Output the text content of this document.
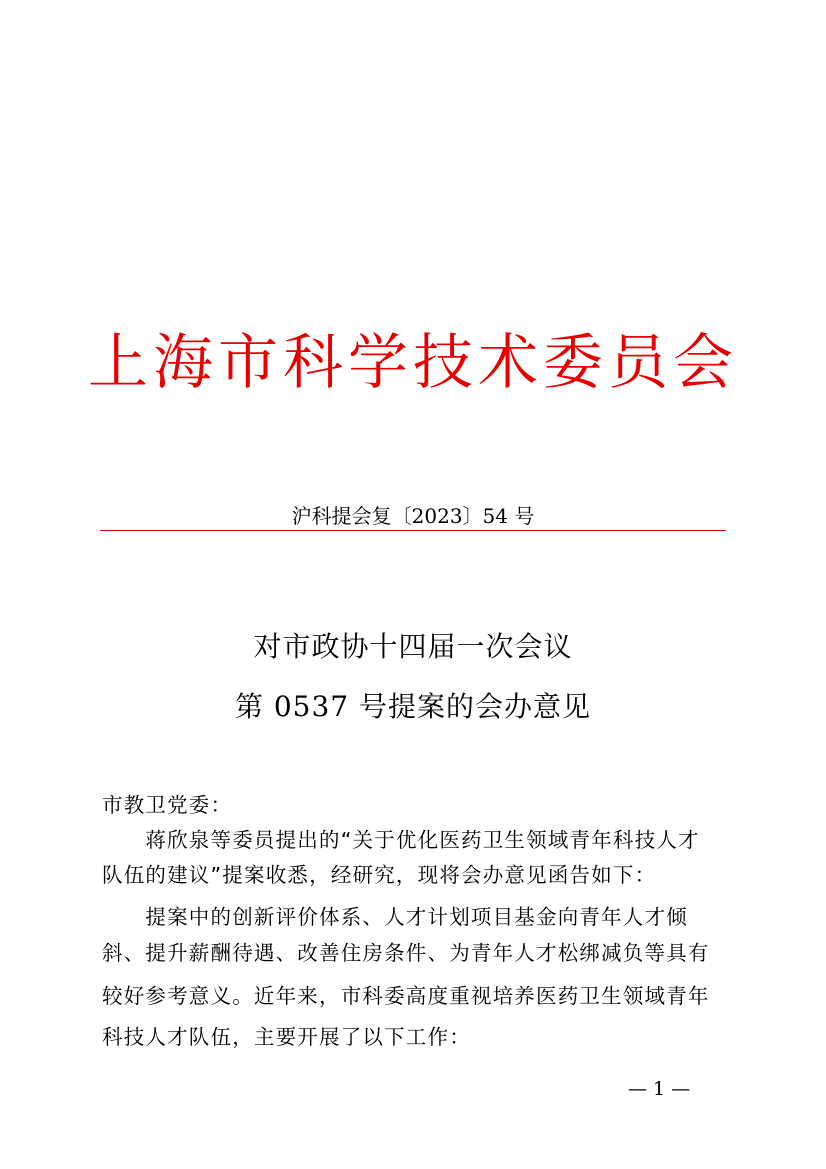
上海市科学技术委员会
沪科提会复〔2023〕54 号
对市政协十四届一次会议
第 0537 号提案的会办意见
市教卫党委：
　　蒋欣泉等委员提出的“关于优化医药卫生领域青年科技人才
队伍的建议”提案收悉，经研究，现将会办意见函告如下：
　　提案中的创新评价体系、人才计划项目基金向青年人才倾
斜、提升薪酬待遇、改善住房条件、为青年人才松绑减负等具有
较好参考意义。近年来，市科委高度重视培养医药卫生领域青年
科技人才队伍，主要开展了以下工作：
— 1 —
